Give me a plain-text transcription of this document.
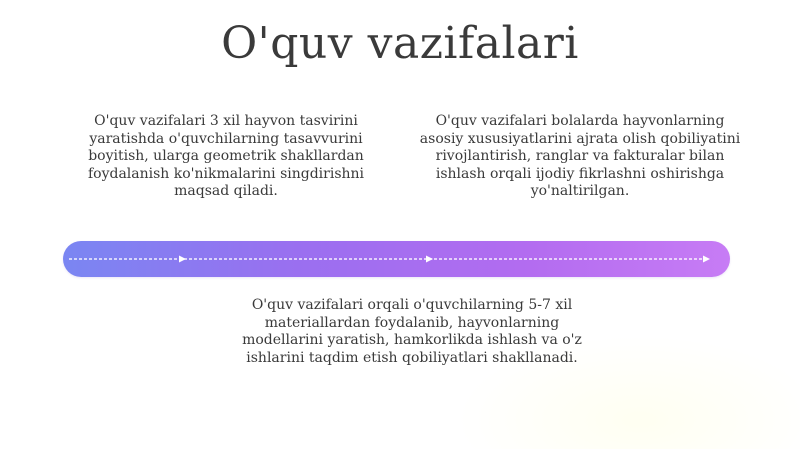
O'quv vazifalari

O'quv vazifalari 3 xil hayvon tasvirini yaratishda o'quvchilarning tasavvurini boyitish, ularga geometrik shakllardan foydalanish ko'nikmalarini singdirishni maqsad qiladi.

O'quv vazifalari bolalarda hayvonlarning asosiy xususiyatlarini ajrata olish qobiliyatini rivojlantirish, ranglar va fakturalar bilan ishlash orqali ijodiy fikrlashni oshirishga yo'naltirilgan.

O'quv vazifalari orqali o'quvchilarning 5-7 xil materiallardan foydalanib, hayvonlarning modellarini yaratish, hamkorlikda ishlash va o'z ishlarini taqdim etish qobiliyatlari shakllanadi.
